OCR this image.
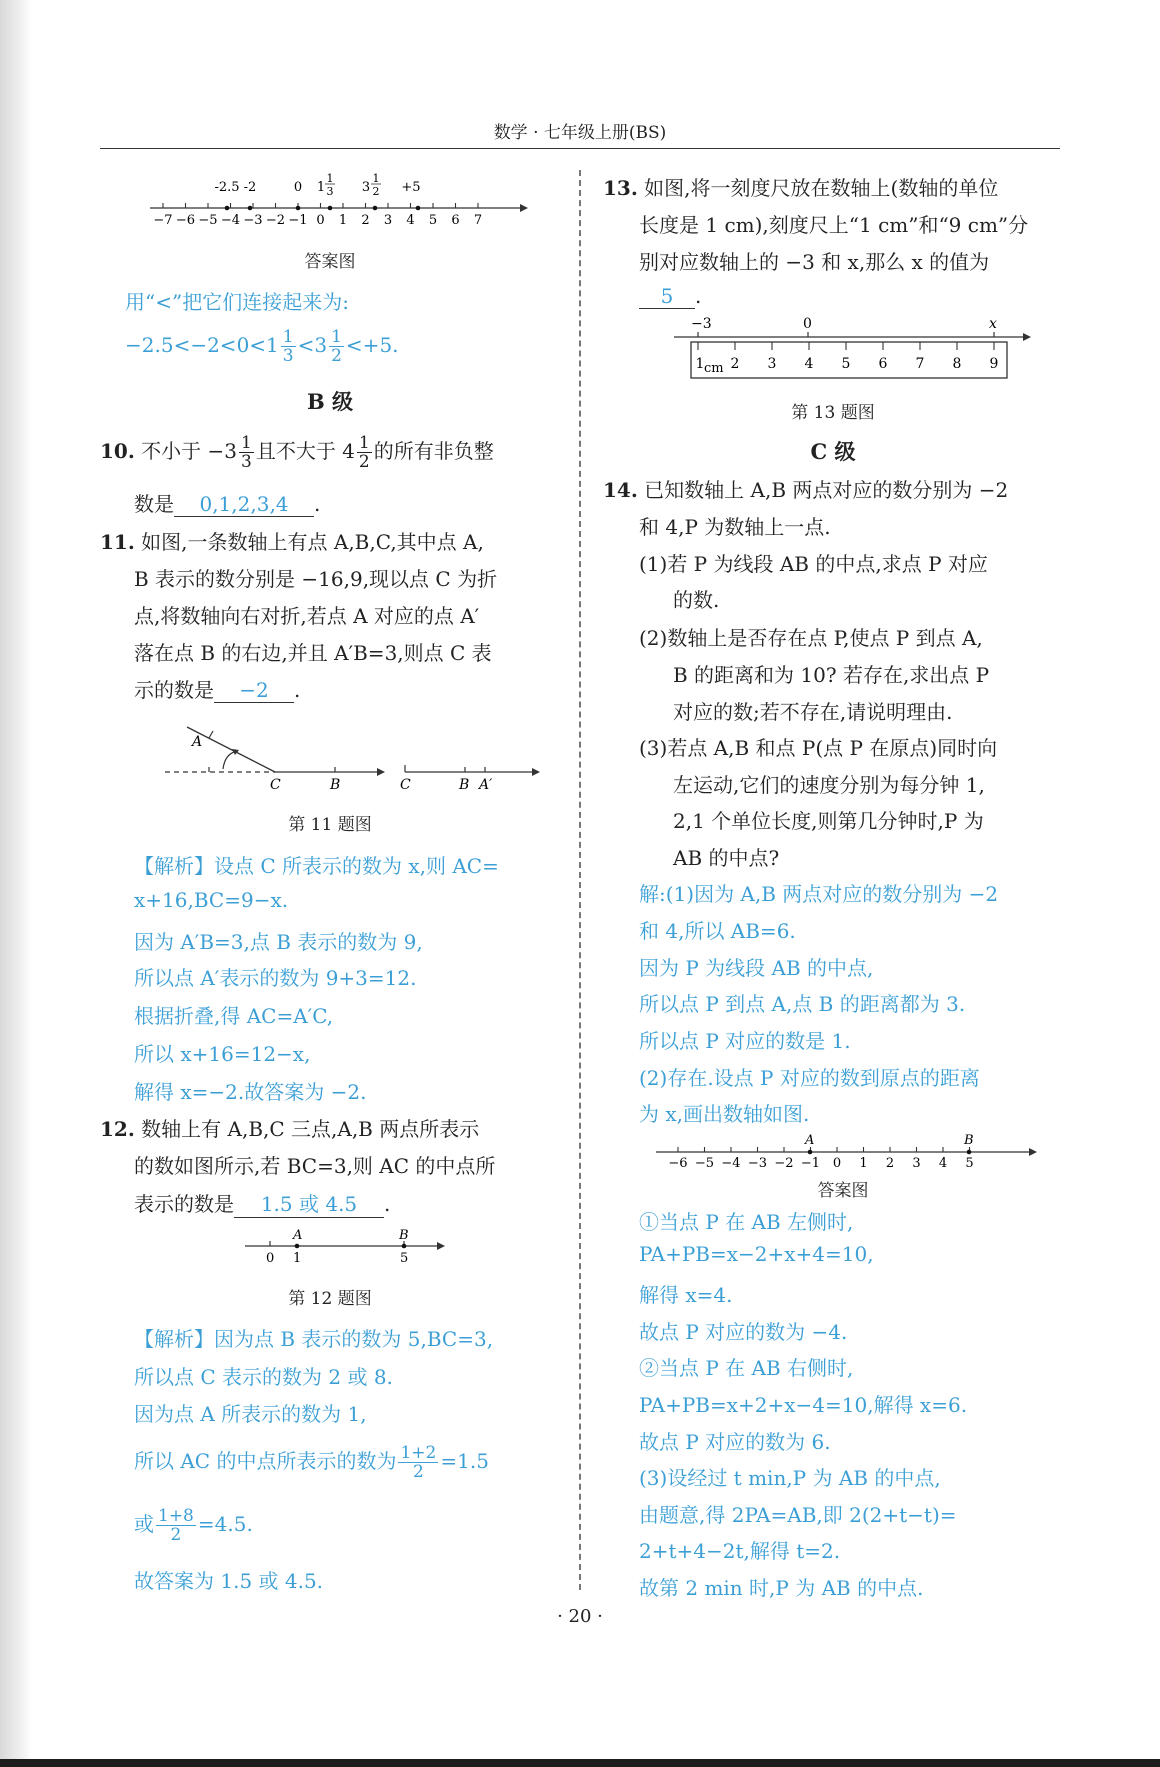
数学 · 七年级上册(BS)
−7 −6 −5 −4 −3 −2 −1 0 1 2 3 4 5 6 7
-2.5 -2	0 1
1
3 3
1
2 +5
答案图
用“<”把它们连接起来为:
$-2.5<-2<0<1 \frac{1}{3} <3 \frac{1}{2} <+5$.
B 级
10. 不小于 $-3 \frac{1}{3}$ 且不大于 $4 \frac{1}{2}$ 的所有非负整
数是 0,1,2,3,4 .
11. 如图,一条数轴上有点 A,B,C,其中点 A,
B 表示的数分别是 −16,9,现以点 C 为折
点,将数轴向右对折,若点 A 对应的点 A′
落在点 B 的右边,并且 A′B=3,则点 C 表
示的数是 −2 .
A
C	B	C	B A′
第 11 题图
【解析】设点 C 所表示的数为 x,则 AC=
x+16,BC=9−x.
因为 A′B=3,点 B 表示的数为 9,
所以点 A′表示的数为 9+3=12.
根据折叠,得 AC=A′C,
所以 x+16=12−x,
解得 x=−2.故答案为 −2.
12. 数轴上有 A,B,C 三点,A,B 两点所表示
的数如图所示,若 BC=3,则 AC 的中点所
表示的数是 1.5 或 4.5 .
A	B
0 1	5
第 12 题图
【解析】因为点 B 表示的数为 5,BC=3,
所以点 C 表示的数为 2 或 8.
因为点 A 所表示的数为 1,
所以 AC 的中点所表示的数为 $\frac{1+2}{2} =1.5$
或 $\frac{1+8}{2} =4.5$.
故答案为 1.5 或 4.5.
13. 如图,将一刻度尺放在数轴上(数轴的单位
长度是 1 cm),刻度尺上“1 cm”和“9 cm”分
别对应数轴上的 −3 和 x,那么 x 的值为
5 .
−3	0	x
1 2 3 4 5 6 7 8 9
cm
第 13 题图
C 级
14. 已知数轴上 A,B 两点对应的数分别为 −2
和 4,P 为数轴上一点.
(1)若 P 为线段 AB 的中点,求点 P 对应
的数.
(2)数轴上是否存在点 P,使点 P 到点 A,
B 的距离和为 10? 若存在,求出点 P
对应的数;若不存在,请说明理由.
(3)若点 A,B 和点 P(点 P 在原点)同时向
左运动,它们的速度分别为每分钟 1,
2,1 个单位长度,则第几分钟时,P 为
AB 的中点?
解:(1)因为 A,B 两点对应的数分别为 −2
和 4,所以 AB=6.
因为 P 为线段 AB 的中点,
所以点 P 到点 A,点 B 的距离都为 3.
所以点 P 对应的数是 1.
(2)存在.设点 P 对应的数到原点的距离
为 x,画出数轴如图.
−6 −5 −4 −3 −2 −1 0 1 2 3 4 5
A	B
答案图
①当点 P 在 AB 左侧时,
PA+PB=x−2+x+4=10,
解得 x=4.
故点 P 对应的数为 −4.
②当点 P 在 AB 右侧时,
PA+PB=x+2+x−4=10,解得 x=6.
故点 P 对应的数为 6.
(3)设经过 t min,P 为 AB 的中点,
由题意,得 2PA=AB,即 2(2+t−t)=
2+t+4−2t,解得 t=2.
故第 2 min 时,P 为 AB 的中点.
· 20 ·
